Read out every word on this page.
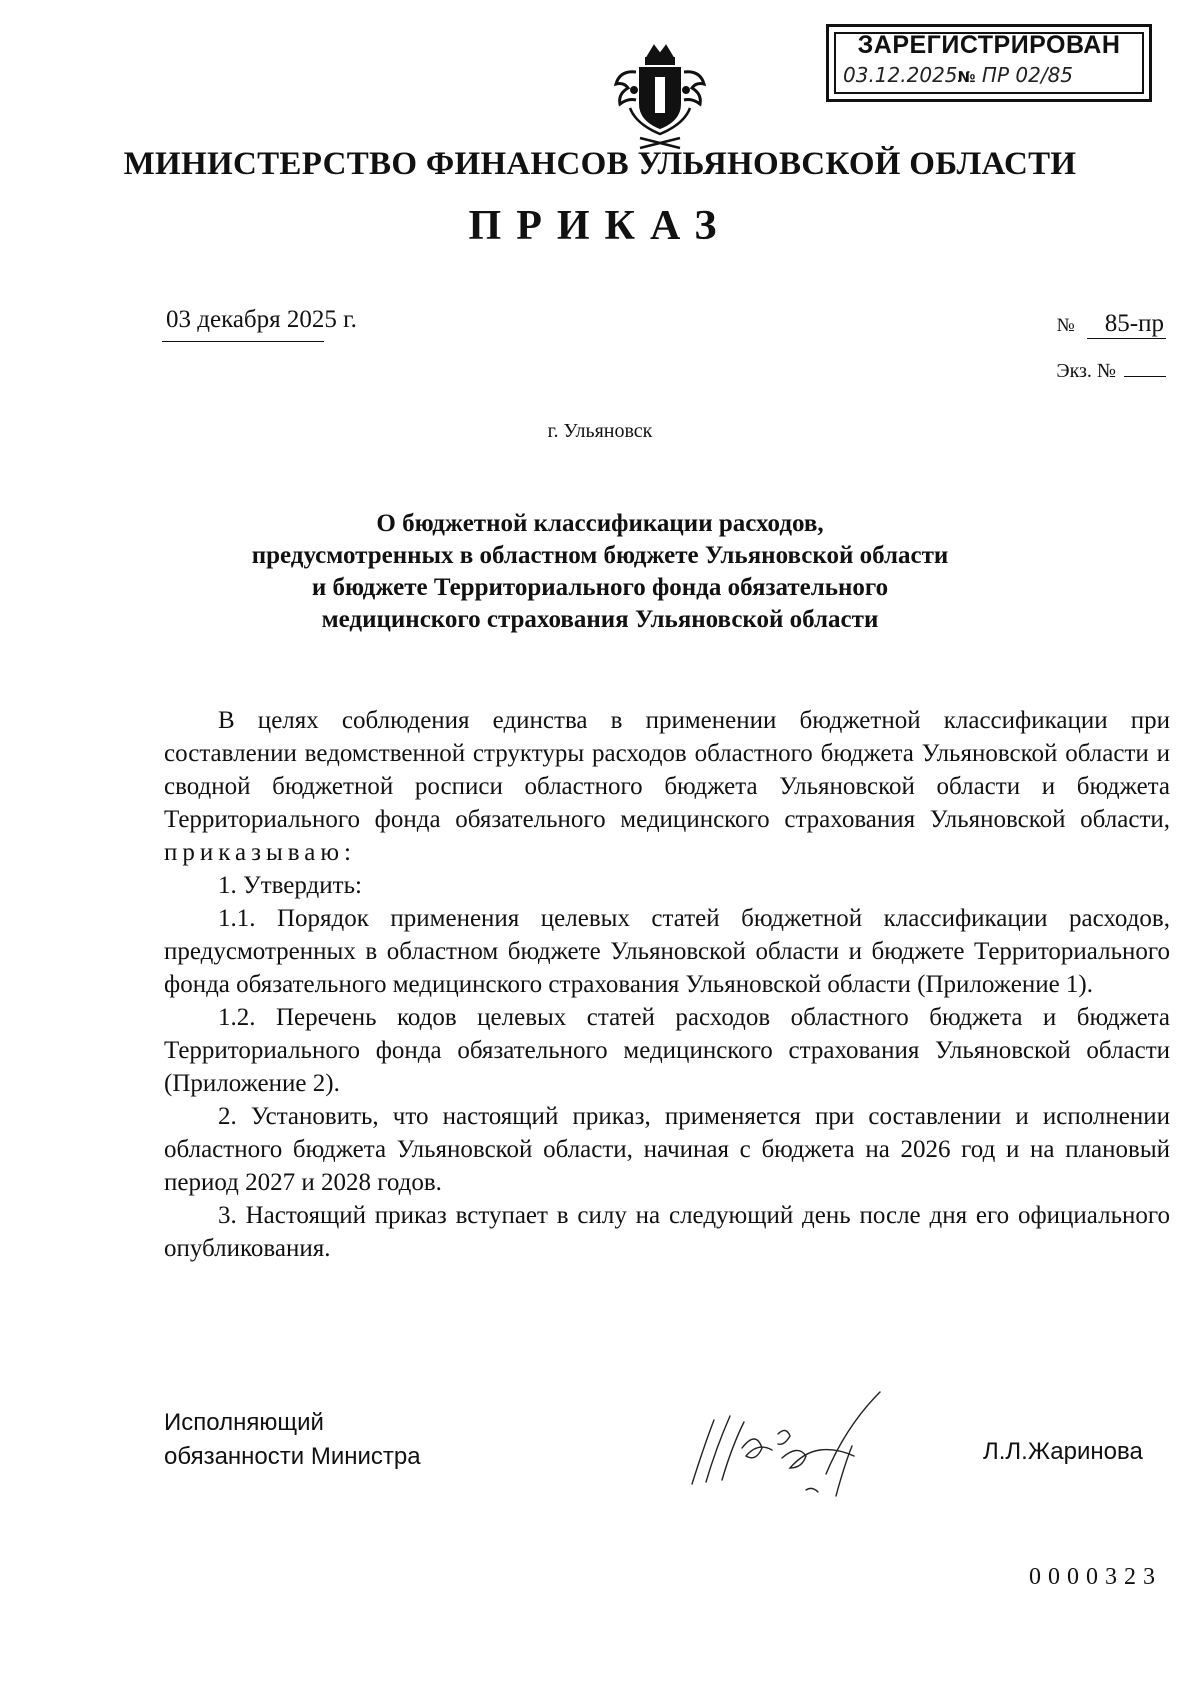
ЗАРЕГИСТРИРОВАН
03.12.2025№ ПР 02/85
МИНИСТЕРСТВО ФИНАНСОВ УЛЬЯНОВСКОЙ ОБЛАСТИ
ПРИКАЗ
03 декабря 2025 г.	№ 85-пр
Экз. №
г. Ульяновск
О бюджетной классификации расходов,
предусмотренных в областном бюджете Ульяновской области
и бюджете Территориального фонда обязательного
медицинского страхования Ульяновской области

В целях соблюдения единства в применении бюджетной классификации при составлении ведомственной структуры расходов областного бюджета Ульяновской области и сводной бюджетной росписи областного бюджета Ульяновской области и бюджета Территориального фонда обязательного медицинского страхования Ульяновской области, приказываю:

1. Утвердить:

1.1. Порядок применения целевых статей бюджетной классификации расходов, предусмотренных в областном бюджете Ульяновской области и бюджете Территориального фонда обязательного медицинского страхования Ульяновской области (Приложение 1).

1.2. Перечень кодов целевых статей расходов областного бюджета и бюджета Территориального фонда обязательного медицинского страхования Ульяновской области (Приложение 2).

2. Установить, что настоящий приказ, применяется при составлении и исполнении областного бюджета Ульяновской области, начиная с бюджета на 2026 год и на плановый период 2027 и 2028 годов.

3. Настоящий приказ вступает в силу на следующий день после дня его официального опубликования.

Исполняющий
обязанности Министра	Л.Л.Жаринова
0000323
